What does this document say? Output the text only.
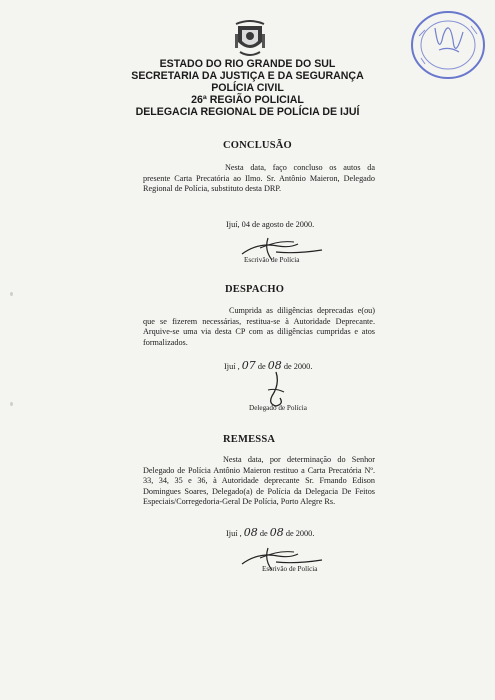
ESTADO DO RIO GRANDE DO SUL
SECRETARIA DA JUSTIÇA E DA SEGURANÇA
POLÍCIA CIVIL
26ª REGIÃO POLICIAL
DELEGACIA REGIONAL DE POLÍCIA DE IJUÍ
CONCLUSÃO

Nesta data, faço concluso os autos da presente Carta Precatória ao Ilmo. Sr. Antônio Maieron, Delegado Regional de Polícia, substituto desta DRP.

Ijuí, 04 de agosto de 2000.
Escrivão de Polícia
DESPACHO

Cumprida as diligências deprecadas e(ou) que se fizerem necessárias, restitua-se à Autoridade Deprecante. Arquive-se uma via desta CP com as diligências cumpridas e atos formalizados.

Ijuí , 07 de 08 de 2000.
Delegado de Polícia
REMESSA

Nesta data, por determinação do Senhor Delegado de Polícia Antônio Maieron restituo a Carta Precatória Nº. 33, 34, 35 e 36, à Autoridade deprecante Sr. Frnando Edison Domingues Soares, Delegado(a) de Polícia da Delegacia De Feitos Especiais/Corregedoria-Geral De Polícia, Porto Alegre Rs.

Ijuí , 08 de 08 de 2000.
Escrivão de Polícia
